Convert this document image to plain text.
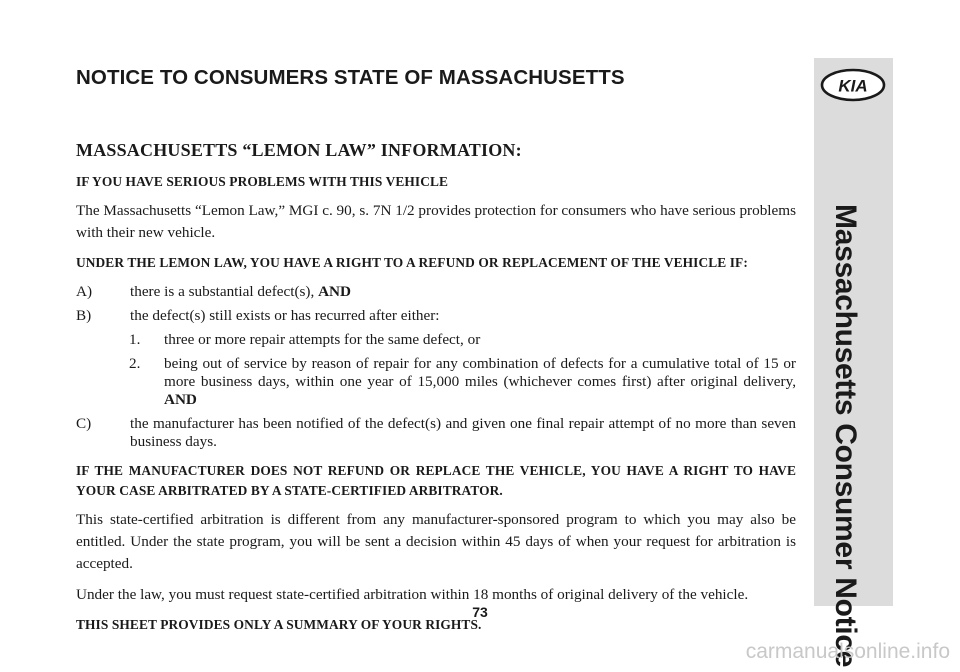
NOTICE TO CONSUMERS STATE OF MASSACHUSETTS	KIA
Massachusetts Consumer Notice
MASSACHUSETTS “LEMON LAW” INFORMATION:
IF YOU HAVE SERIOUS PROBLEMS WITH THIS VEHICLE
The Massachusetts “Lemon Law,” MGI c. 90, s. 7N 1/2 provides protection for consumers who have serious problems with their new vehicle.
UNDER THE LEMON LAW, YOU HAVE A RIGHT TO A REFUND OR REPLACEMENT OF THE VEHICLE IF:
A)	there is a substantial defect(s), AND
B)	the defect(s) still exists or has recurred after either:
1.	three or more repair attempts for the same defect, or
2.	being out of service by reason of repair for any combination of defects for a cumulative total of 15 or more business days, within one year of 15,000 miles (whichever comes first) after original delivery, AND
C)	the manufacturer has been notified of the defect(s) and given one final repair attempt of no more than seven business days.
IF THE MANUFACTURER DOES NOT REFUND OR REPLACE THE VEHICLE, YOU HAVE A RIGHT TO HAVE YOUR CASE ARBITRATED BY A STATE-CERTIFIED ARBITRATOR.
This state-certified arbitration is different from any manufacturer-sponsored program to which you may also be entitled. Under the state program, you will be sent a decision within 45 days of when your request for arbitration is accepted.
Under the law, you must request state-certified arbitration within 18 months of original delivery of the vehicle.
THIS SHEET PROVIDES ONLY A SUMMARY OF YOUR RIGHTS.
73
carmanualsonline.info
